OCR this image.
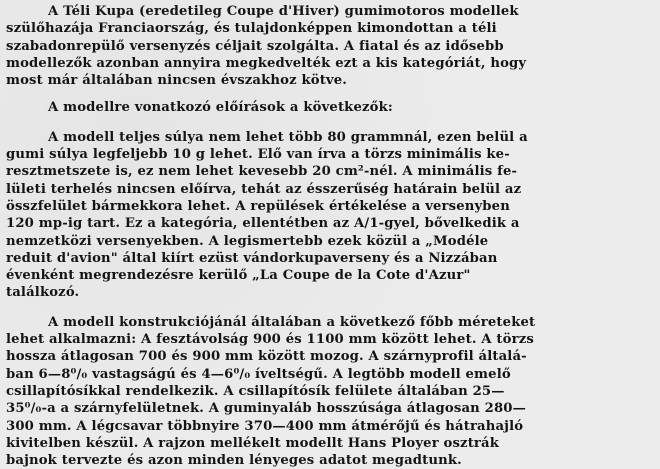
A Téli Kupa (eredetileg Coupe d'Hiver) gumimotoros modellek
szülőhazája Franciaország, és tulajdonképpen kimondottan a téli
szabadonrepülő versenyzés céljait szolgálta. A fiatal és az idősebb
modellezők azonban annyira megkedvelték ezt a kis kategóriát, hogy
most már általában nincsen évszakhoz kötve.

A modellre vonatkozó előírások a következők:

A modell teljes súlya nem lehet több 80 grammnál, ezen belül a
gumi súlya legfeljebb 10 g lehet. Elő van írva a törzs minimális ke-
resztmetszete is, ez nem lehet kevesebb 20 cm²-nél. A minimális fe-
lületi terhelés nincsen előírva, tehát az ésszerűség határain belül az
összfelület bármekkora lehet. A repülések értékelése a versenyben
120 mp-ig tart. Ez a kategória, ellentétben az A/1-gyel, bővelkedik a
nemzetközi versenyekben. A legismertebb ezek közül a „Modéle
reduit d'avion" által kiírt ezüst vándorkupaverseny és a Nizzában
évenként megrendezésre kerülő „La Coupe de la Cote d'Azur"
találkozó.

A modell konstrukciójánál általában a következő főbb méreteket
lehet alkalmazni: A fesztávolság 900 és 1100 mm között lehet. A törzs
hossza átlagosan 700 és 900 mm között mozog. A szárnyprofil általá-
ban 6—8⁰/₀ vastagságú és 4—6⁰/₀ íveltségű. A legtöbb modell emelő
csillapítósíkkal rendelkezik. A csillapítósík felülete általában 25—
35⁰/₀-a a szárnyfelületnek. A guminyaláb hosszúsága átlagosan 280—
300 mm. A légcsavar többnyire 370—400 mm átmérőjű és hátrahajló
kivitelben készül. A rajzon mellékelt modellt Hans Ployer osztrák
bajnok tervezte és azon minden lényeges adatot megadtunk.
